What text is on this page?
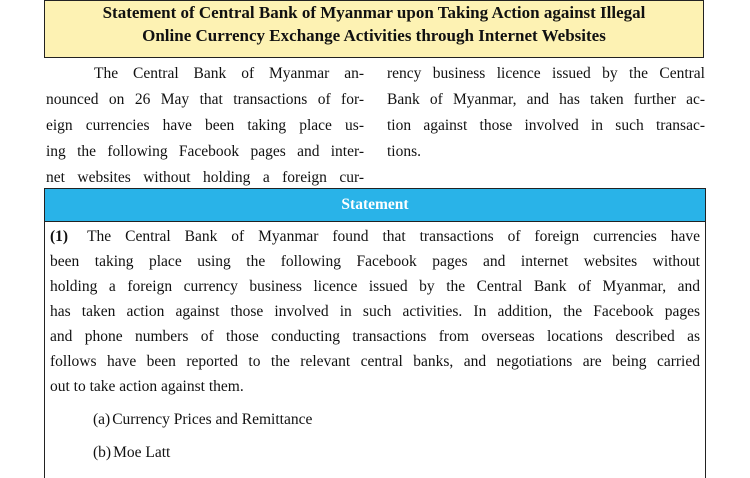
Statement of Central Bank of Myanmar upon Taking Action against Illegal
Online Currency Exchange Activities through Internet Websites

The Central Bank of Myanmar an-
nounced on 26 May that transactions of for-
eign currencies have been taking place us-
ing the following Facebook pages and inter-
net websites without holding a foreign cur-

rency business licence issued by the Central
Bank of Myanmar, and has taken further ac-
tion against those involved in such transac-
tions.

Statement
(1) The Central Bank of Myanmar found that transactions of foreign currencies have
been taking place using the following Facebook pages and internet websites without
holding a foreign currency business licence issued by the Central Bank of Myanmar, and
has taken action against those involved in such activities. In addition, the Facebook pages
and phone numbers of those conducting transactions from overseas locations described as
follows have been reported to the relevant central banks, and negotiations are being carried
out to take action against them.
(a) Currency Prices and Remittance
(b) Moe Latt
